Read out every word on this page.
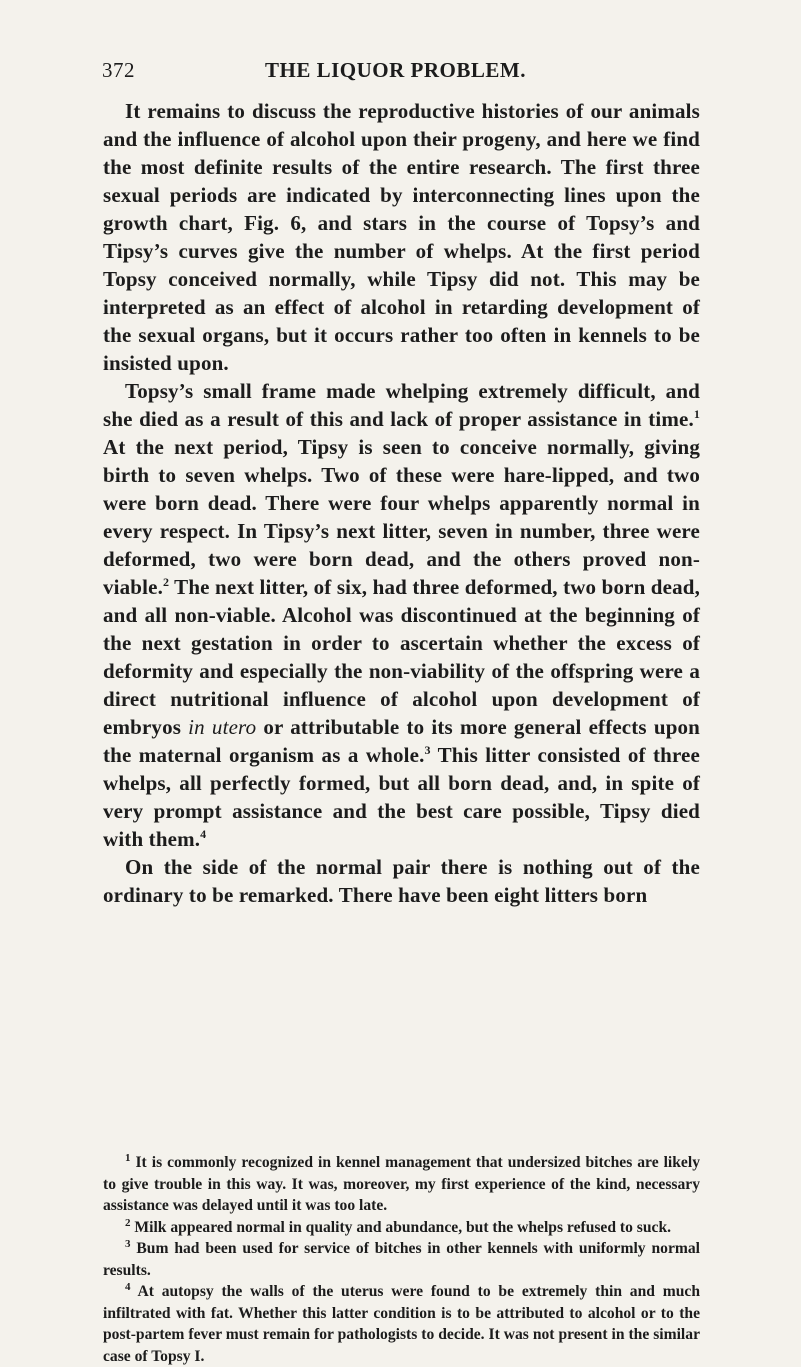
372	THE LIQUOR PROBLEM.

It remains to discuss the reproductive histories of our animals and the influence of alcohol upon their progeny, and here we find the most definite results of the entire research. The first three sexual periods are indicated by interconnecting lines upon the growth chart, Fig. 6, and stars in the course of Topsy’s and Tipsy’s curves give the number of whelps. At the first period Topsy conceived normally, while Tipsy did not. This may be interpreted as an effect of alcohol in retarding development of the sexual organs, but it occurs rather too often in kennels to be insisted upon.

Topsy’s small frame made whelping extremely difficult, and she died as a result of this and lack of proper assistance in time.$^1$ At the next period, Tipsy is seen to conceive normally, giving birth to seven whelps. Two of these were hare-lipped, and two were born dead. There were four whelps apparently normal in every respect. In Tipsy’s next litter, seven in number, three were deformed, two were born dead, and the others proved non-viable.$^2$ The next litter, of six, had three deformed, two born dead, and all non-viable. Alcohol was discontinued at the beginning of the next gestation in order to ascertain whether the excess of deformity and especially the non-viability of the offspring were a direct nutritional influence of alcohol upon development of embryos in utero or attributable to its more general effects upon the maternal organism as a whole.$^3$ This litter consisted of three whelps, all perfectly formed, but all born dead, and, in spite of very prompt assistance and the best care possible, Tipsy died with them.$^4$

On the side of the normal pair there is nothing out of the ordinary to be remarked. There have been eight litters born

$^1$ It is commonly recognized in kennel management that undersized bitches are likely to give trouble in this way. It was, moreover, my first experience of the kind, necessary assistance was delayed until it was too late.

$^2$ Milk appeared normal in quality and abundance, but the whelps refused to suck.

$^3$ Bum had been used for service of bitches in other kennels with uniformly normal results.

$^4$ At autopsy the walls of the uterus were found to be extremely thin and much infiltrated with fat. Whether this latter condition is to be attributed to alcohol or to the post-partem fever must remain for pathologists to decide. It was not present in the similar case of Topsy I.
